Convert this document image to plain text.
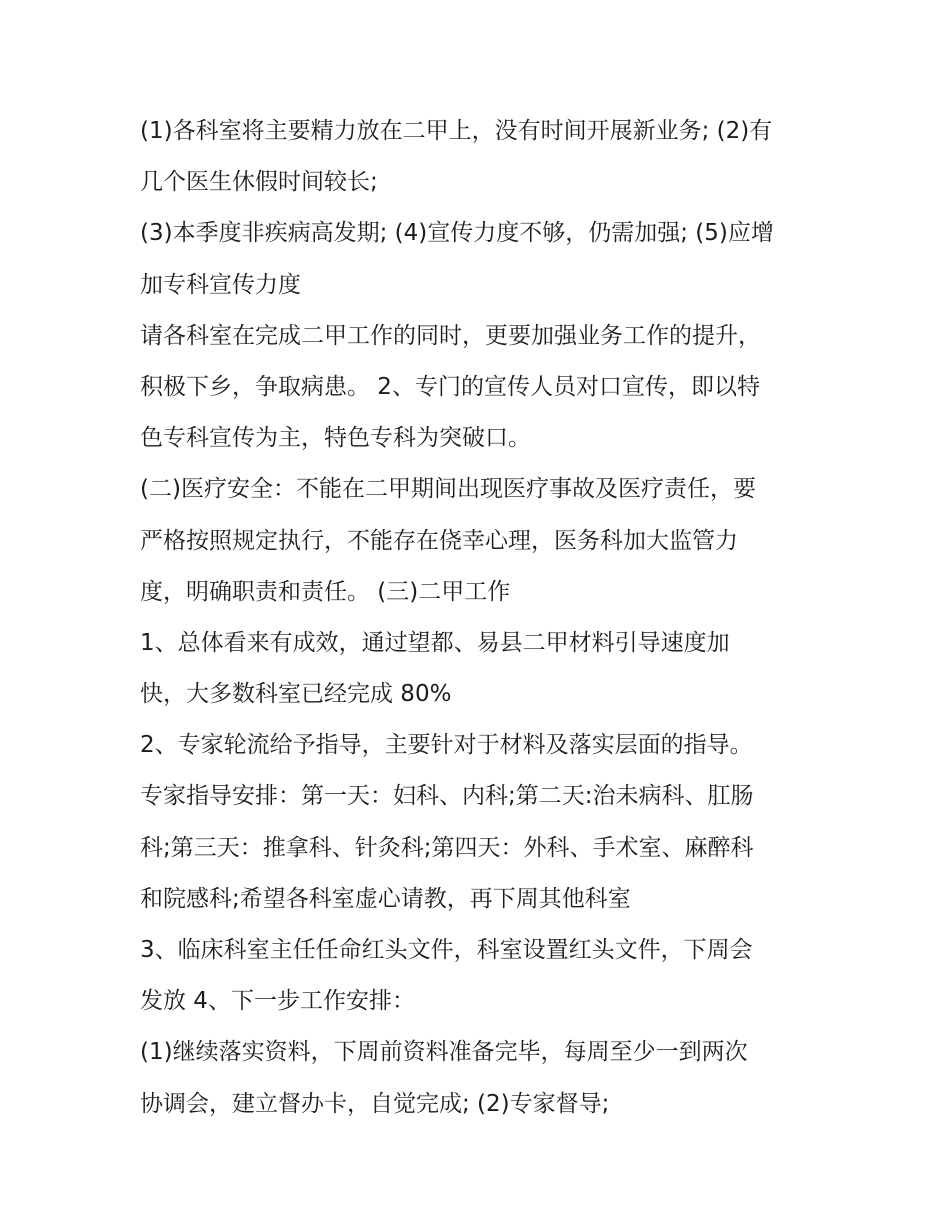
(1)各科室将主要精力放在二甲上，没有时间开展新业务; (2)有
几个医生休假时间较长;
(3)本季度非疾病高发期; (4)宣传力度不够，仍需加强; (5)应增
加专科宣传力度
请各科室在完成二甲工作的同时，更要加强业务工作的提升，
积极下乡，争取病患。 2、专门的宣传人员对口宣传，即以特
色专科宣传为主，特色专科为突破口。
(二)医疗安全：不能在二甲期间出现医疗事故及医疗责任，要
严格按照规定执行，不能存在侥幸心理，医务科加大监管力
度，明确职责和责任。 (三)二甲工作
1、总体看来有成效，通过望都、易县二甲材料引导速度加
快，大多数科室已经完成 80%
2、专家轮流给予指导，主要针对于材料及落实层面的指导。
专家指导安排：第一天：妇科、内科;第二天:治未病科、肛肠
科;第三天：推拿科、针灸科;第四天：外科、手术室、麻醉科
和院感科;希望各科室虚心请教，再下周其他科室
3、临床科室主任任命红头文件，科室设置红头文件，下周会
发放 4、下一步工作安排：
(1)继续落实资料，下周前资料准备完毕，每周至少一到两次
协调会，建立督办卡，自觉完成; (2)专家督导;
